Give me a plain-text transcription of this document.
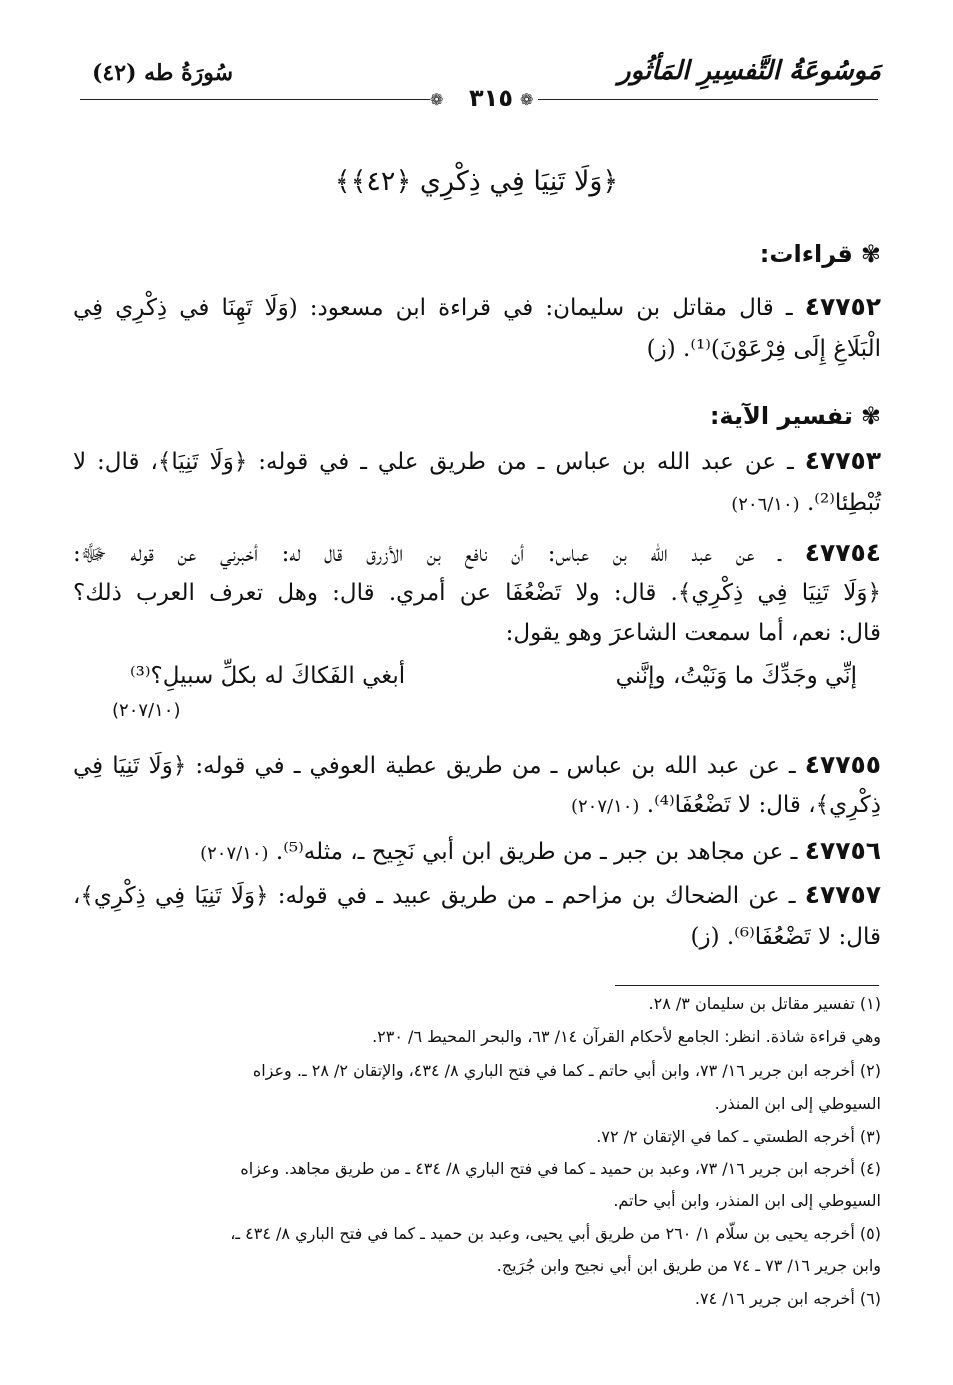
مَوسُوعَةُ التَّفسِيرِ المَأثُور
سُورَةُ طه (٤٢)
❁	❁
٣١٥
﴿وَلَا تَنِيَا فِي ذِكْرِي ﴿٤٢﴾﴾
✾قراءات:
٤٧٧٥٢ ـ قال مقاتل بن سليمان: في قراءة ابن مسعود: (وَلَا تَهِنَا في ذِكْرِي فِي
الْبَلَاغِ إِلَى فِرْعَوْنَ)⁽¹⁾. (ز)
✾تفسير الآية:
٤٧٧٥٣ ـ عن عبد الله بن عباس ـ من طريق علي ـ في قوله: ﴿وَلَا تَنِيَا﴾، قال: لا
تُبْطِئا⁽²⁾. (٢٠٦/١٠)
٤٧٧٥٤ ـ عن عبد الله بن عباس: أن نافع بن الأزرق قال له: أخبرني عن قوله ﷻ:
﴿وَلَا تَنِيَا فِي ذِكْرِي﴾. قال: ولا تَضْعُفَا عن أمري. قال: وهل تعرف العرب ذلك؟
قال: نعم، أما سمعت الشاعرَ وهو يقول:
إنِّي وجَدِّكَ ما وَنَيْتُ، وإنَّني
أبغي الفَكاكَ له بكلِّ سبيلِ؟⁽³⁾
(٢٠٧/١٠)
٤٧٧٥٥ ـ عن عبد الله بن عباس ـ من طريق عطية العوفي ـ في قوله: ﴿وَلَا تَنِيَا فِي
ذِكْرِي﴾، قال: لا تَضْعُفَا⁽⁴⁾. (٢٠٧/١٠)
٤٧٧٥٦ ـ عن مجاهد بن جبر ـ من طريق ابن أبي نَجِيح ـ، مثله⁽⁵⁾. (٢٠٧/١٠)
٤٧٧٥٧ ـ عن الضحاك بن مزاحم ـ من طريق عبيد ـ في قوله: ﴿وَلَا تَنِيَا فِي ذِكْرِي﴾،
قال: لا تَضْعُفَا⁽⁶⁾. (ز)
(١) تفسير مقاتل بن سليمان ٣/ ٢٨.
وهي قراءة شاذة. انظر: الجامع لأحكام القرآن ١٤/ ٦٣، والبحر المحيط ٦/ ٢٣٠.
(٢) أخرجه ابن جرير ١٦/ ٧٣، وابن أبي حاتم ـ كما في فتح الباري ٨/ ٤٣٤، والإتقان ٢/ ٢٨ ـ. وعزاه
السيوطي إلى ابن المنذر.
(٣) أخرجه الطستي ـ كما في الإتقان ٢/ ٧٢.
(٤) أخرجه ابن جرير ١٦/ ٧٣، وعبد بن حميد ـ كما في فتح الباري ٨/ ٤٣٤ ـ من طريق مجاهد. وعزاه
السيوطي إلى ابن المنذر، وابن أبي حاتم.
(٥) أخرجه يحيى بن سلّام ١/ ٢٦٠ من طريق أبي يحيى، وعبد بن حميد ـ كما في فتح الباري ٨/ ٤٣٤ ـ،
وابن جرير ١٦/ ٧٣ ـ ٧٤ من طريق ابن أبي نجيح وابن جُرَيج.
(٦) أخرجه ابن جرير ١٦/ ٧٤.
